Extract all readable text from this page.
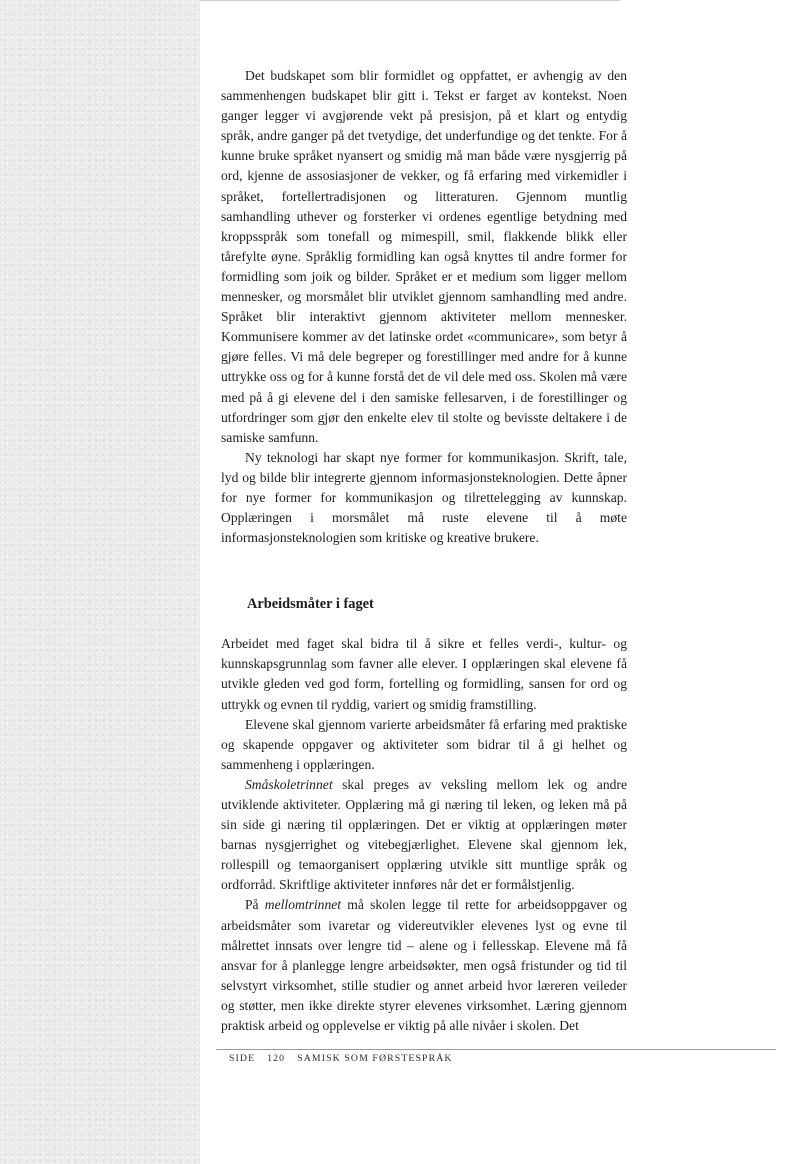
Det budskapet som blir formidlet og oppfattet, er avhengig av den sammenhengen budskapet blir gitt i. Tekst er farget av kontekst. Noen ganger legger vi avgjørende vekt på presisjon, på et klart og entydig språk, andre ganger på det tvetydige, det underfundige og det tenkte. For å kunne bruke språket nyansert og smidig må man både være nysgjerrig på ord, kjenne de assosiasjoner de vekker, og få erfaring med virkemidler i språket, fortellertradisjonen og litteraturen. Gjennom muntlig samhandling uthever og forsterker vi ordenes egentlige betydning med kroppsspråk som tonefall og mimespill, smil, flakkende blikk eller tårefylte øyne. Språklig formidling kan også knyttes til andre former for formidling som joik og bilder. Språket er et medium som ligger mellom mennesker, og morsmålet blir utviklet gjennom samhandling med andre. Språket blir interaktivt gjennom aktiviteter mellom mennesker. Kommunisere kommer av det latinske ordet «communicare», som betyr å gjøre felles. Vi må dele begreper og forestillinger med andre for å kunne uttrykke oss og for å kunne forstå det de vil dele med oss. Skolen må være med på å gi elevene del i den samiske fellesarven, i de forestillinger og utfordringer som gjør den enkelte elev til stolte og bevisste deltakere i de samiske samfunn.

Ny teknologi har skapt nye former for kommunikasjon. Skrift, tale, lyd og bilde blir integrerte gjennom informasjonsteknologien. Dette åpner for nye former for kommunikasjon og tilrettelegging av kunnskap. Opplæringen i morsmålet må ruste elevene til å møte informasjonsteknologien som kritiske og kreative brukere.

Arbeidsmåter i faget

Arbeidet med faget skal bidra til å sikre et felles verdi-, kultur- og kunnskapsgrunnlag som favner alle elever. I opplæringen skal elevene få utvikle gleden ved god form, fortelling og formidling, sansen for ord og uttrykk og evnen til ryddig, variert og smidig framstilling.

Elevene skal gjennom varierte arbeidsmåter få erfaring med praktiske og skapende oppgaver og aktiviteter som bidrar til å gi helhet og sammenheng i opplæringen.

Småskoletrinnet skal preges av veksling mellom lek og andre utviklende aktiviteter. Opplæring må gi næring til leken, og leken må på sin side gi næring til opplæringen. Det er viktig at opplæringen møter barnas nysgjerrighet og vitebegjærlighet. Elevene skal gjennom lek, rollespill og temaorganisert opplæring utvikle sitt muntlige språk og ordforråd. Skriftlige aktiviteter innføres når det er formålstjenlig.

På mellomtrinnet må skolen legge til rette for arbeidsoppgaver og arbeidsmåter som ivaretar og videreutvikler elevenes lyst og evne til målrettet innsats over lengre tid – alene og i fellesskap. Elevene må få ansvar for å planlegge lengre arbeidsøkter, men også fristunder og tid til selvstyrt virksomhet, stille studier og annet arbeid hvor læreren veileder og støtter, men ikke direkte styrer elevenes virksomhet. Læring gjennom praktisk arbeid og opplevelse er viktig på alle nivåer i skolen. Det

SIDE 120 SAMISK SOM FØRSTESPRÅK
